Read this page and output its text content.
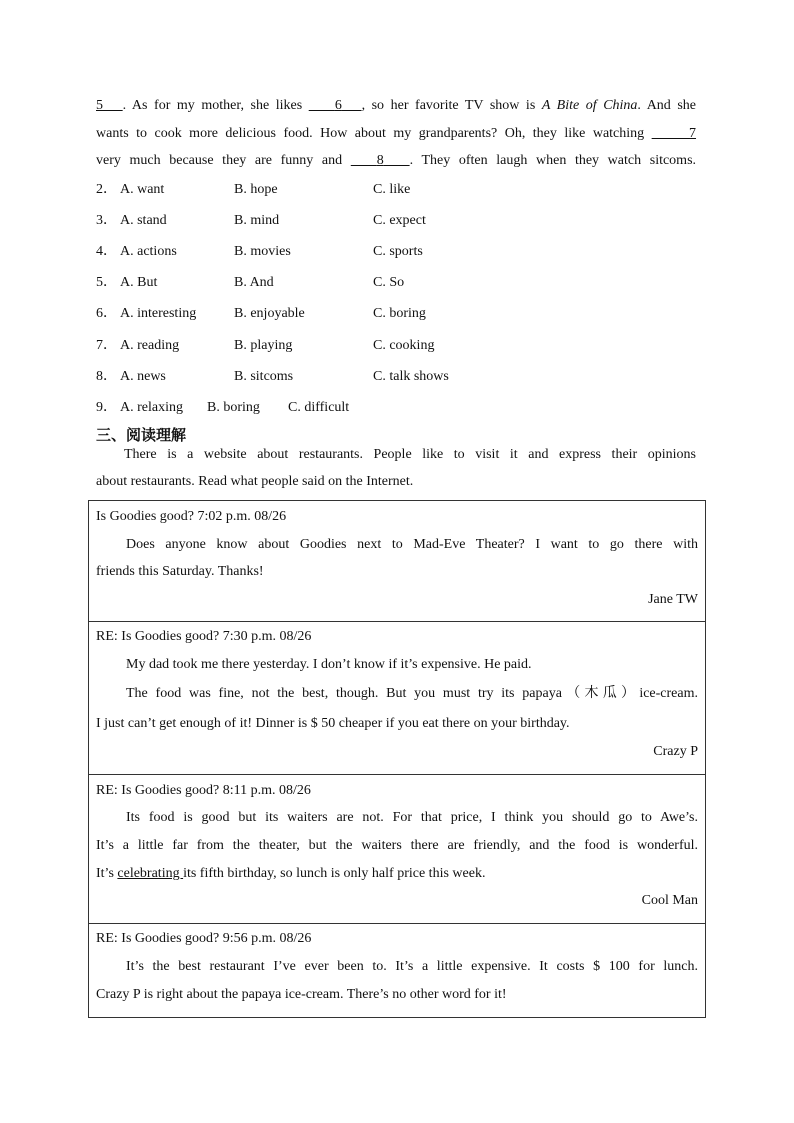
5 . As for my mother, she likes     6 , so her favorite TV show is A Bite of China. And she
wants to cook more delicious food. How about my grandparents? Oh, they like watching	7
very much because they are funny and    8 . They often laugh when they watch sitcoms.
2． A. want	B. hope	C. like
3． A. stand	B. mind	C. expect
4． A. actions	B. movies	C. sports
5． A. But	B. And	C. So
6． A. interesting	B. enjoyable	C. boring
7． A. reading	B. playing	C. cooking
8． A. news	B. sitcoms	C. talk shows
9． A. relaxing B. boring C. difficult
三、阅读理解
There is a website about restaurants. People like to visit it and express their opinions
about restaurants. Read what people said on the Internet.
Is Goodies good? 7:02 p.m. 08/26
Does anyone know about Goodies next to Mad-Eve Theater? I want to go there with
friends this Saturday. Thanks!
Jane TW
RE: Is Goodies good? 7:30 p.m. 08/26
My dad took me there yesterday. I don’t know if it’s expensive. He paid.
The food was fine, not the best, though. But you must try its papaya（木瓜）ice-cream.
I just can’t get enough of it! Dinner is $ 50 cheaper if you eat there on your birthday.
Crazy P
RE: Is Goodies good? 8:11 p.m. 08/26
Its food is good but its waiters are not. For that price, I think you should go to Awe’s.
It’s a little far from the theater, but the waiters there are friendly, and the food is wonderful.
It’s celebrating its fifth birthday, so lunch is only half price this week.
Cool Man
RE: Is Goodies good? 9:56 p.m. 08/26
It’s the best restaurant I’ve ever been to. It’s a little expensive. It costs $ 100 for lunch.
Crazy P is right about the papaya ice-cream. There’s no other word for it!
